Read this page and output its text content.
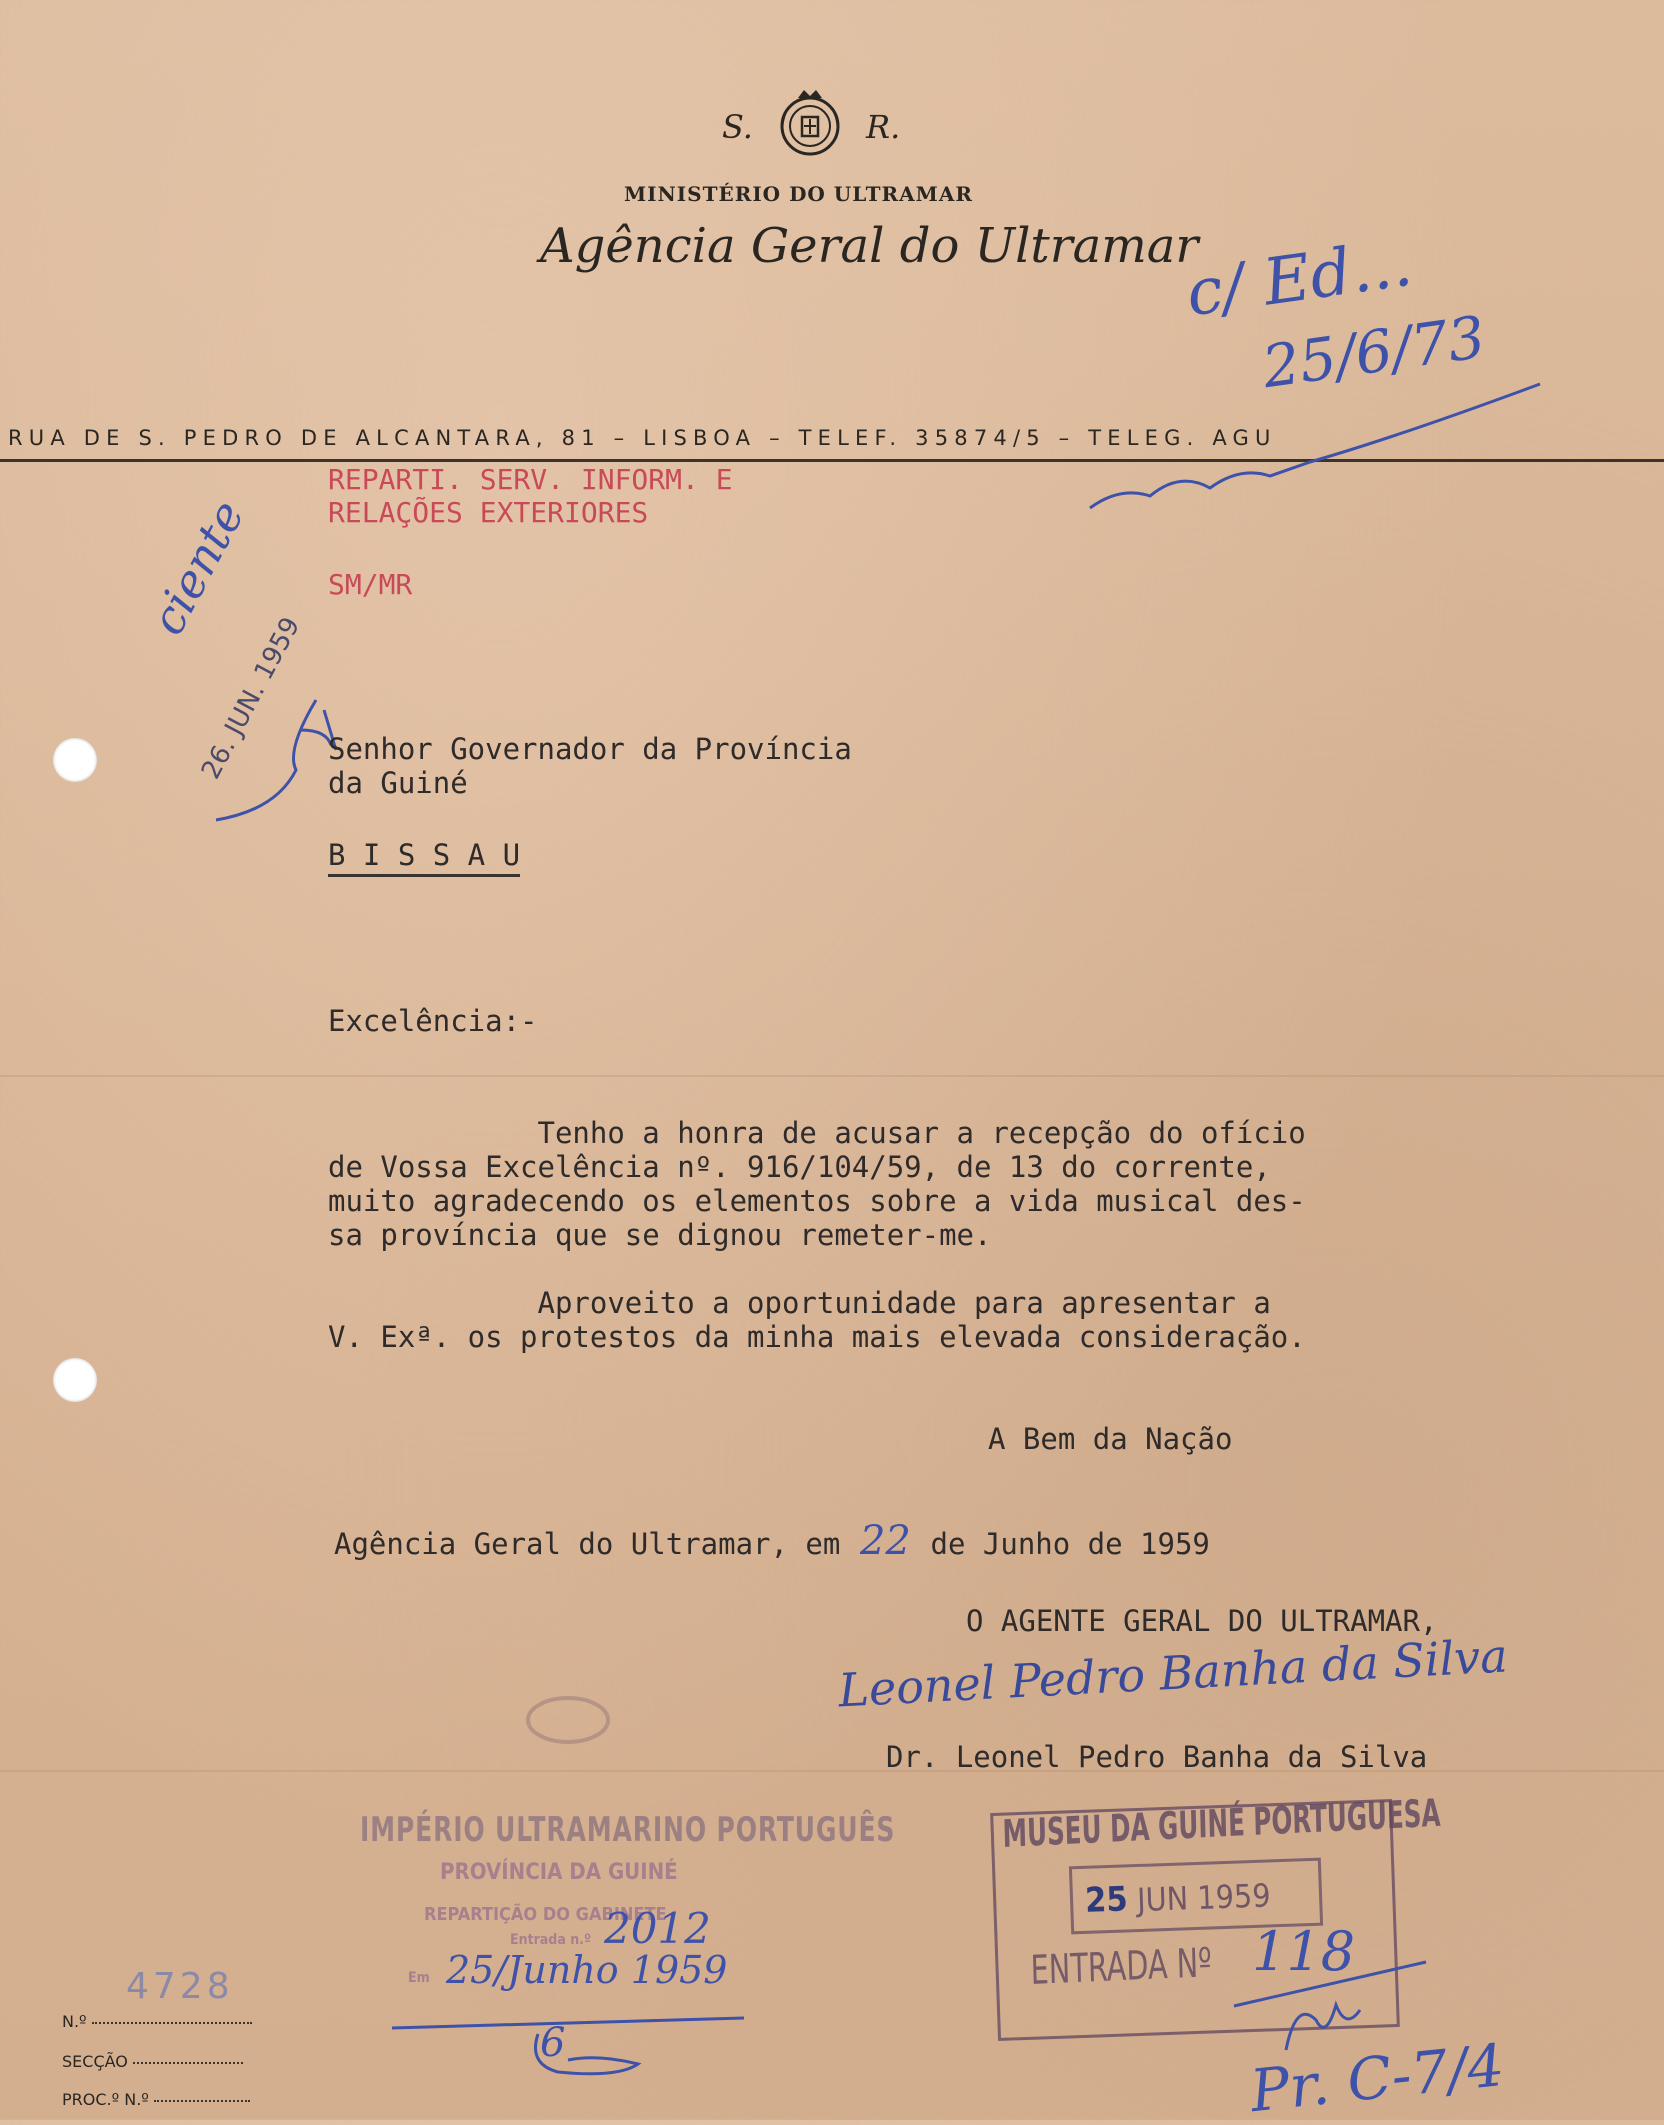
S.	R.
MINISTÉRIO DO ULTRAMAR
Agência Geral do Ultramar
RUA DE S. PEDRO DE ALCANTARA, 81 – LISBOA – TELEF. 35874/5 – TELEG. AGU
c/ Ed...
25/6/73
REPARTI. SERV. INFORM. E
RELAÇÕES EXTERIORES
SM/MR
ciente
26. JUN. 1959 Senhor Governador da Província
da Guiné
B I S S A U
Excelência:-
Tenho a honra de acusar a recepção do ofício
de Vossa Excelência nº. 916/104/59, de 13 do corrente,
muito agradecendo os elementos sobre a vida musical des-
sa província que se dignou remeter-me.
Aproveito a oportunidade para apresentar a
V. Exª. os protestos da minha mais elevada consideração.
A Bem da Nação
Agência Geral do Ultramar, em 22 de Junho de 1959
O AGENTE GERAL DO ULTRAMAR,
Leonel Pedro Banha da Silva
Dr. Leonel Pedro Banha da Silva
IMPÉRIO ULTRAMARINO PORTUGUÊS
PROVÍNCIA DA GUINÉ
REPARTIÇÃO DO GABINETE
Entrada n.º 2012
Em 25/Junho 1959
6
MUSEU DA GUINÉ PORTUGUESA
25 JUN 1959
ENTRADA Nº 118
Pr. C-7/4
4728
N.º
SECÇÃO
PROC.º N.º
